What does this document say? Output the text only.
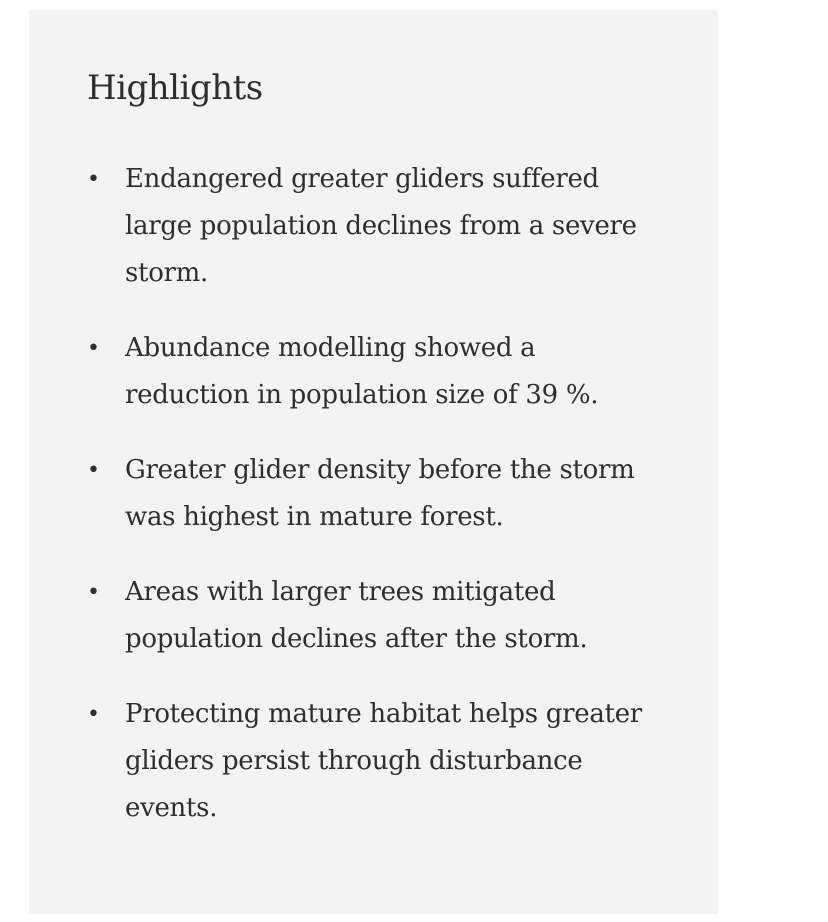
Highlights
• Endangered greater gliders suffered large population declines from a severe storm.
• Abundance modelling showed a reduction in population size of 39 %.
• Greater glider density before the storm was highest in mature forest.
• Areas with larger trees mitigated population declines after the storm.
• Protecting mature habitat helps greater gliders persist through disturbance events.
